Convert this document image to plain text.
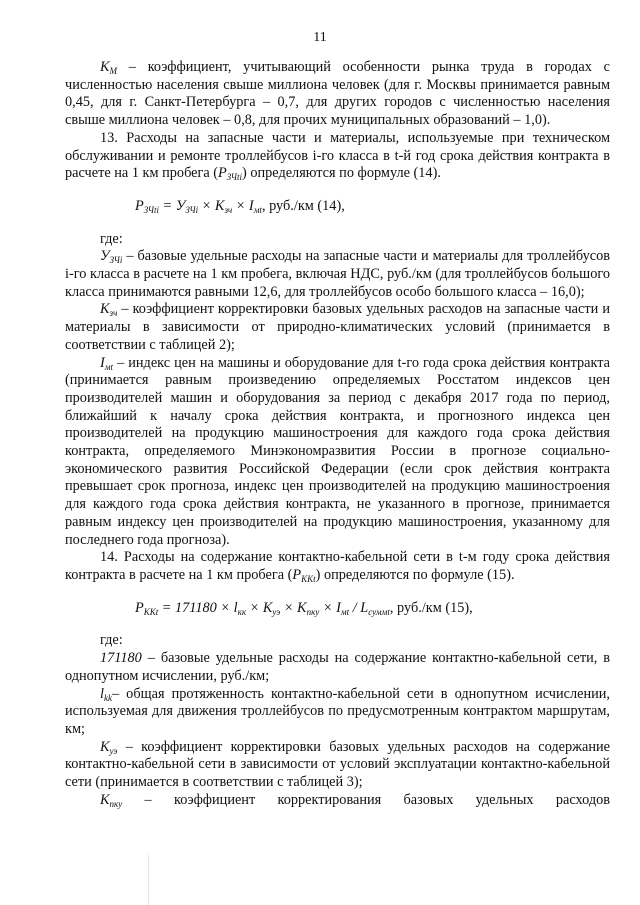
11

$K_M$ – коэффициент, учитывающий особенности рынка труда в городах с численностью населения свыше миллиона человек (для г. Москвы принимается равным 0,45, для г. Санкт-Петербурга – 0,7, для других городов с численностью населения свыше миллиона человек – 0,8, для прочих муниципальных образований – 1,0).

13. Расходы на запасные части и материалы, используемые при техническом обслуживании и ремонте троллейбусов i-го класса в t-й год срока действия контракта в расчете на 1 км пробега $(P_{ЗЧti})$ определяются по формуле (14).

$P_{ЗЧti} = У_{ЗЧi} \times K_{зч} \times I_{мt}$, руб./км (14),

где:

$У_{ЗЧi}$ – базовые удельные расходы на запасные части и материалы для троллейбусов i-го класса в расчете на 1 км пробега, включая НДС, руб./км (для троллейбусов большого класса принимаются равными 12,6, для троллейбусов особо большого класса – 16,0);

$K_{зч}$ – коэффициент корректировки базовых удельных расходов на запасные части и материалы в зависимости от природно-климатических условий (принимается в соответствии с таблицей 2);

$I_{мt}$ – индекс цен на машины и оборудование для t-го года срока действия контракта (принимается равным произведению определяемых Росстатом индексов цен производителей машин и оборудования за период с декабря 2017 года по период, ближайший к началу срока действия контракта, и прогнозного индекса цен производителей на продукцию машиностроения для каждого года срока действия контракта, определяемого Минэкономразвития России в прогнозе социально-экономического развития Российской Федерации (если срок действия контракта превышает срок прогноза, индекс цен производителей на продукцию машиностроения для каждого года срока действия контракта, не указанного в прогнозе, принимается равным индексу цен производителей на продукцию машиностроения, указанному для последнего года прогноза).

14. Расходы на содержание контактно-кабельной сети в t-м году срока действия контракта в расчете на 1 км пробега $(P_{ККt})$ определяются по формуле (15).

$P_{ККt} = 171180 \times l_{кк} \times K_{уэ} \times K_{пку} \times I_{мt} / L_{суммt}$, руб./км (15),

где:

171180 – базовые удельные расходы на содержание контактно-кабельной сети, в однопутном исчислении, руб./км;

$l_{kk}-$ общая протяженность контактно-кабельной сети в однопутном исчислении, используемая для движения троллейбусов по предусмотренным контрактом маршрутам, км;

$K_{уэ}$ – коэффициент корректировки базовых удельных расходов на содержание контактно-кабельной сети в зависимости от условий эксплуатации контактно-кабельной сети (принимается в соответствии с таблицей 3);

$K_{пку}$ – коэффициент корректирования базовых удельных расходов
